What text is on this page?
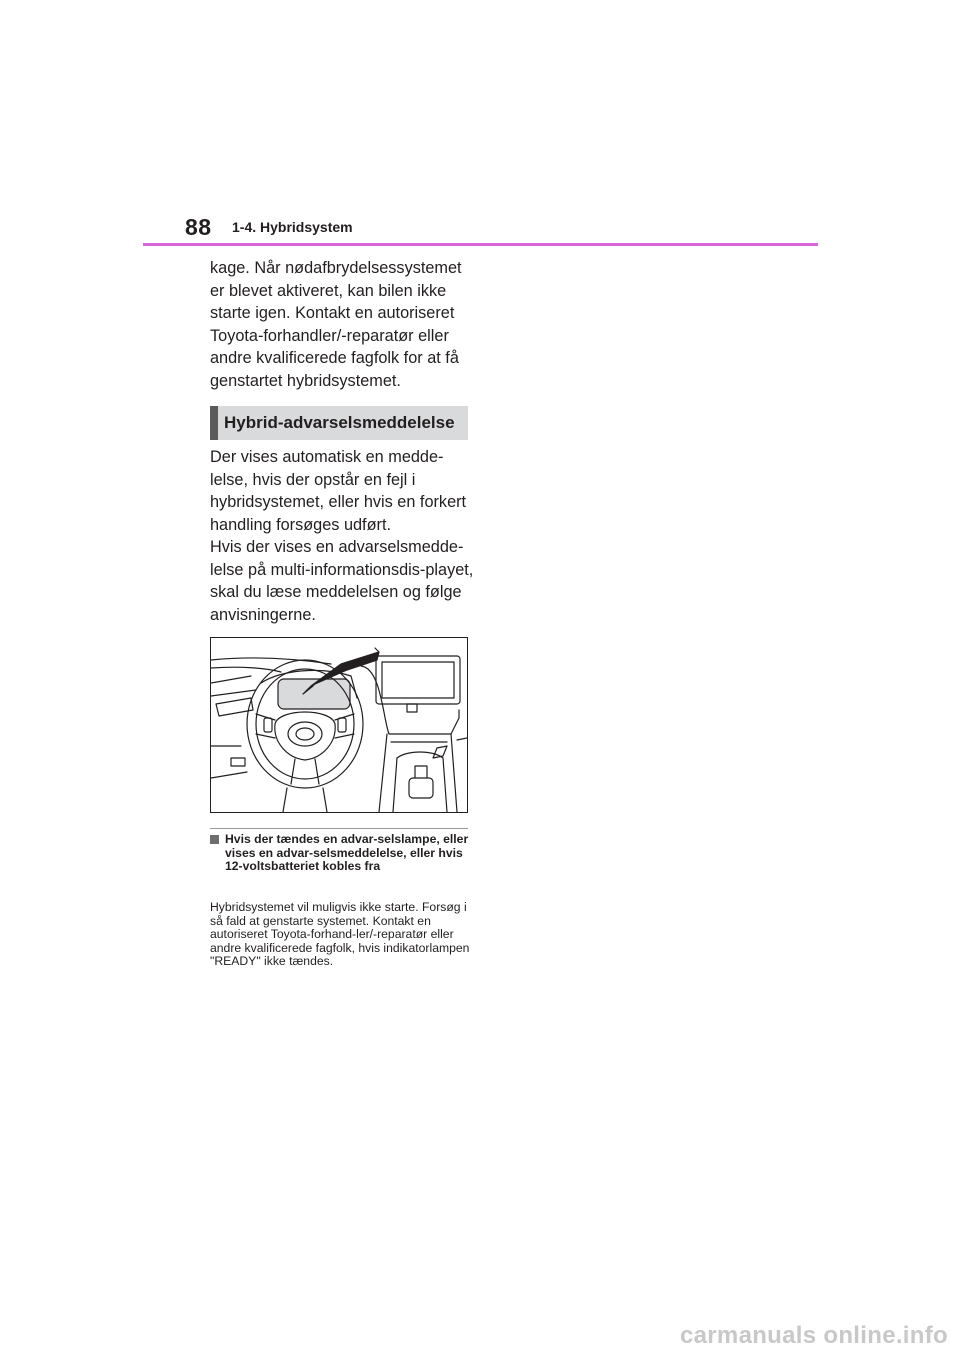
88 1-4. Hybridsystem

kage. Når nødafbrydelsessystemet er blevet aktiveret, kan bilen ikke starte igen. Kontakt en autoriseret Toyota-forhandler/-reparatør eller andre kvalificerede fagfolk for at få genstartet hybridsystemet.

Hybrid-advarselsmeddelelse

Der vises automatisk en medde-lelse, hvis der opstår en fejl i hybridsystemet, eller hvis en forkert handling forsøges udført.

Hvis der vises en advarselsmedde-lelse på multi-informationsdis-playet, skal du læse meddelelsen og følge anvisningerne.

Hvis der tændes en advar-selslampe, eller vises en advar-selsmeddelelse, eller hvis 12-voltsbatteriet kobles fra

Hybridsystemet vil muligvis ikke starte. Forsøg i så fald at genstarte systemet. Kontakt en autoriseret Toyota-forhand-ler/-reparatør eller andre kvalificerede fagfolk, hvis indikatorlampen "READY" ikke tændes.

carmanuals online.info
